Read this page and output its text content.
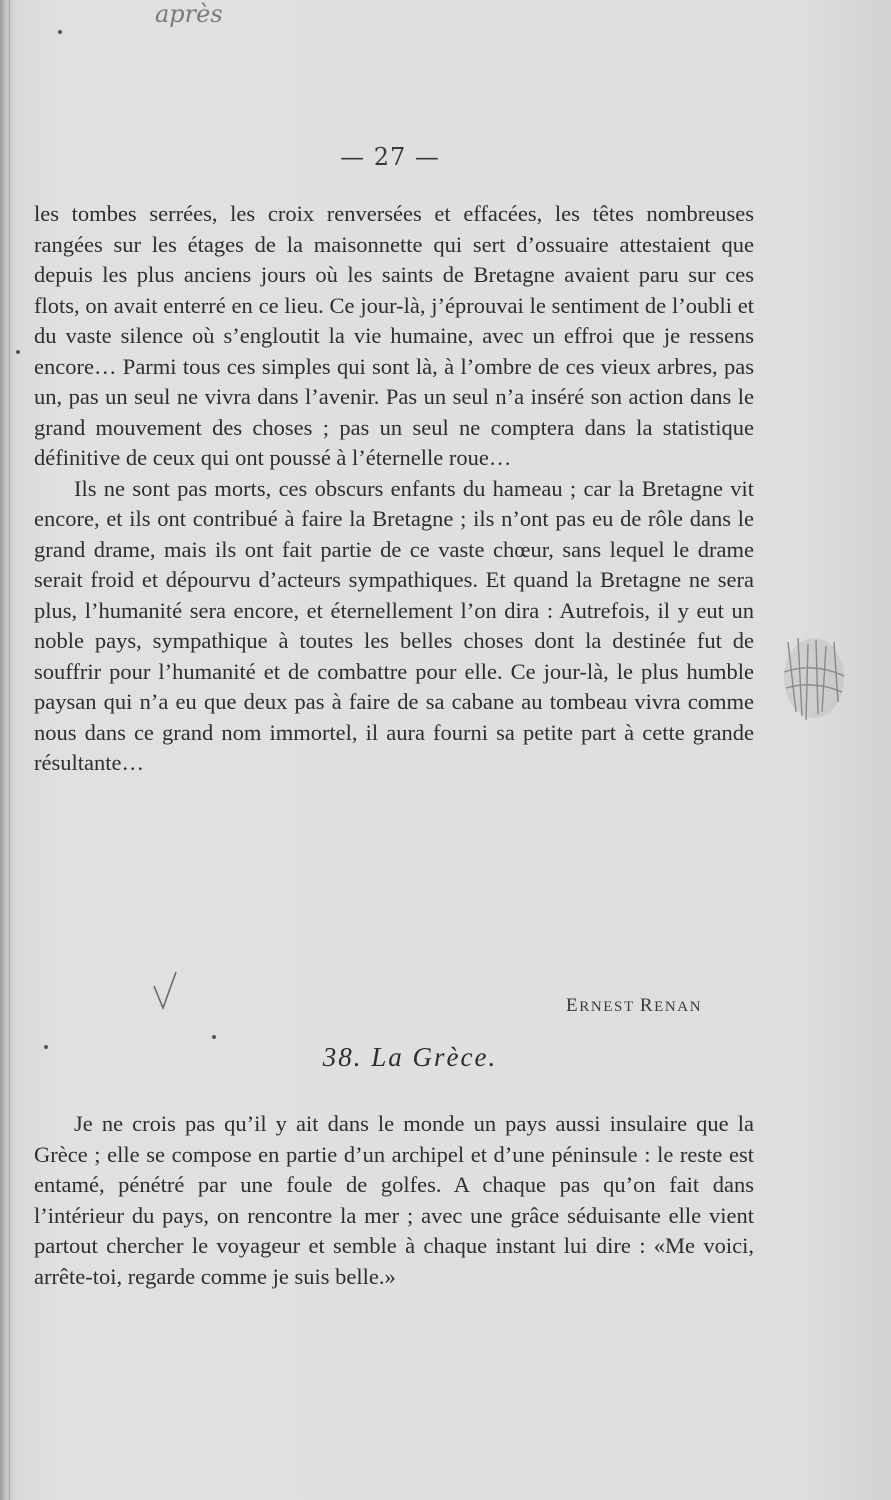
après
— 27 —

les tombes serrées, les croix renversées et effacées, les têtes nombreuses rangées sur les étages de la maisonnette qui sert d’ossuaire attestaient que depuis les plus anciens jours où les saints de Bretagne avaient paru sur ces flots, on avait enterré en ce lieu. Ce jour-là, j’éprouvai le sentiment de l’oubli et du vaste silence où s’engloutit la vie humaine, avec un effroi que je ressens encore… Parmi tous ces simples qui sont là, à l’ombre de ces vieux arbres, pas un, pas un seul ne vivra dans l’avenir. Pas un seul n’a inséré son action dans le grand mouvement des choses ; pas un seul ne comptera dans la statistique définitive de ceux qui ont poussé à l’éternelle roue…

Ils ne sont pas morts, ces obscurs enfants du hameau ; car la Bretagne vit encore, et ils ont contribué à faire la Bretagne ; ils n’ont pas eu de rôle dans le grand drame, mais ils ont fait partie de ce vaste chœur, sans lequel le drame serait froid et dépourvu d’acteurs sympathiques. Et quand la Bretagne ne sera plus, l’humanité sera encore, et éternellement l’on dira : Autrefois, il y eut un noble pays, sympathique à toutes les belles choses dont la destinée fut de souffrir pour l’humanité et de combattre pour elle. Ce jour-là, le plus humble paysan qui n’a eu que deux pas à faire de sa cabane au tombeau vivra comme nous dans ce grand nom immortel, il aura fourni sa petite part à cette grande résultante…

ERNEST RENAN
38. La Grèce.

Je ne crois pas qu’il y ait dans le monde un pays aussi insulaire que la Grèce ; elle se compose en partie d’un archipel et d’une péninsule : le reste est entamé, pénétré par une foule de golfes. A chaque pas qu’on fait dans l’intérieur du pays, on rencontre la mer ; avec une grâce séduisante elle vient partout chercher le voyageur et semble à chaque instant lui dire : «Me voici, arrête-toi, regarde comme je suis belle.»
